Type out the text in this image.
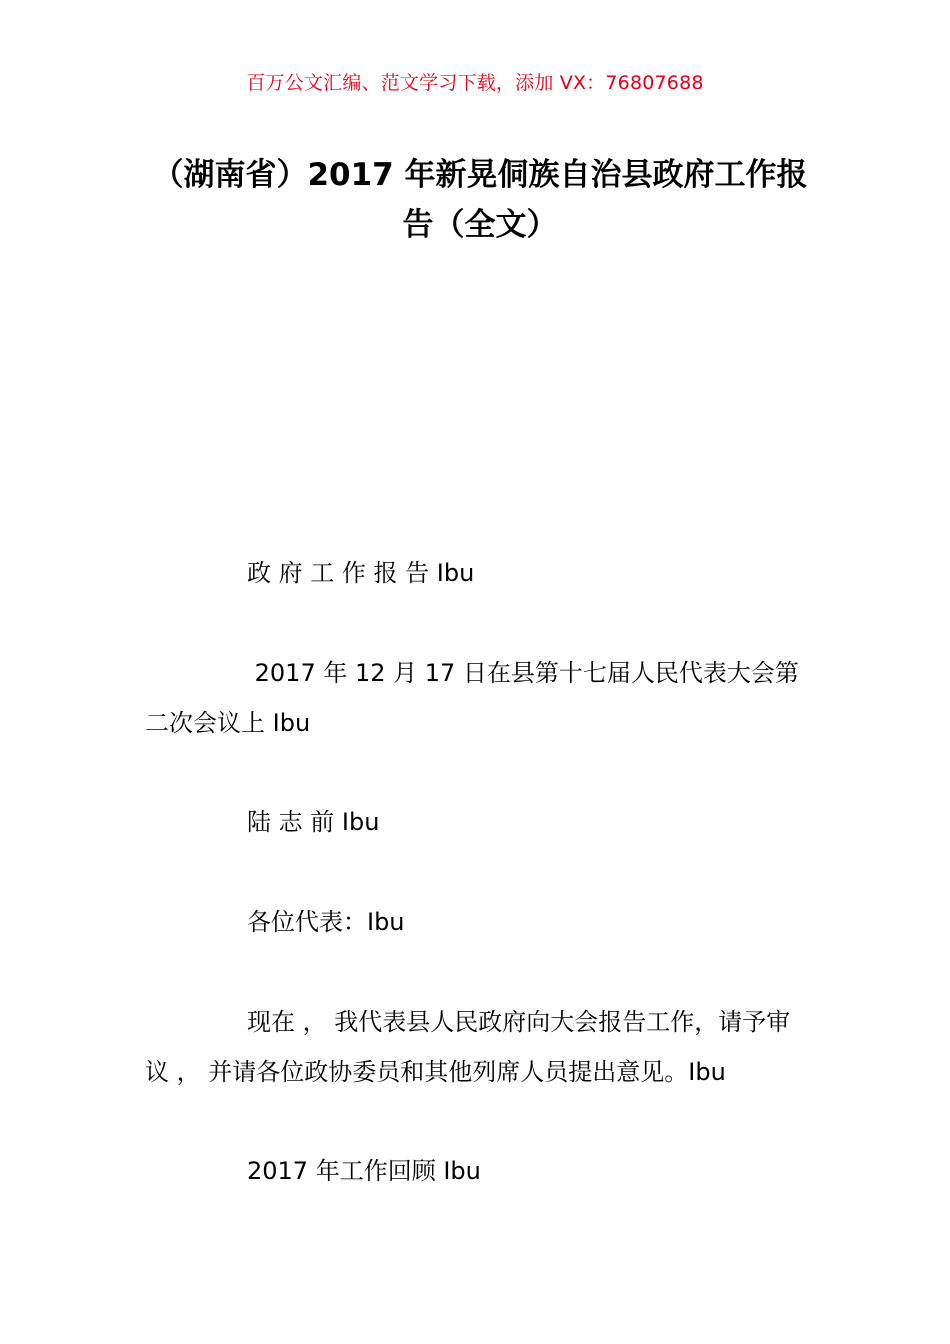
百万公文汇编、范文学习下载，添加 VX：76807688
（湖南省）2017 年新晃侗族自治县政府工作报告（全文）
政 府 工 作 报 告 Ibu
2017 年 12 月 17 日在县第十七届人民代表大会第二次会议上 Ibu
陆 志 前 Ibu
各位代表：Ibu
现在 ， 我代表县人民政府向大会报告工作，请予审议 ， 并请各位政协委员和其他列席人员提出意见。Ibu
2017 年工作回顾 Ibu
